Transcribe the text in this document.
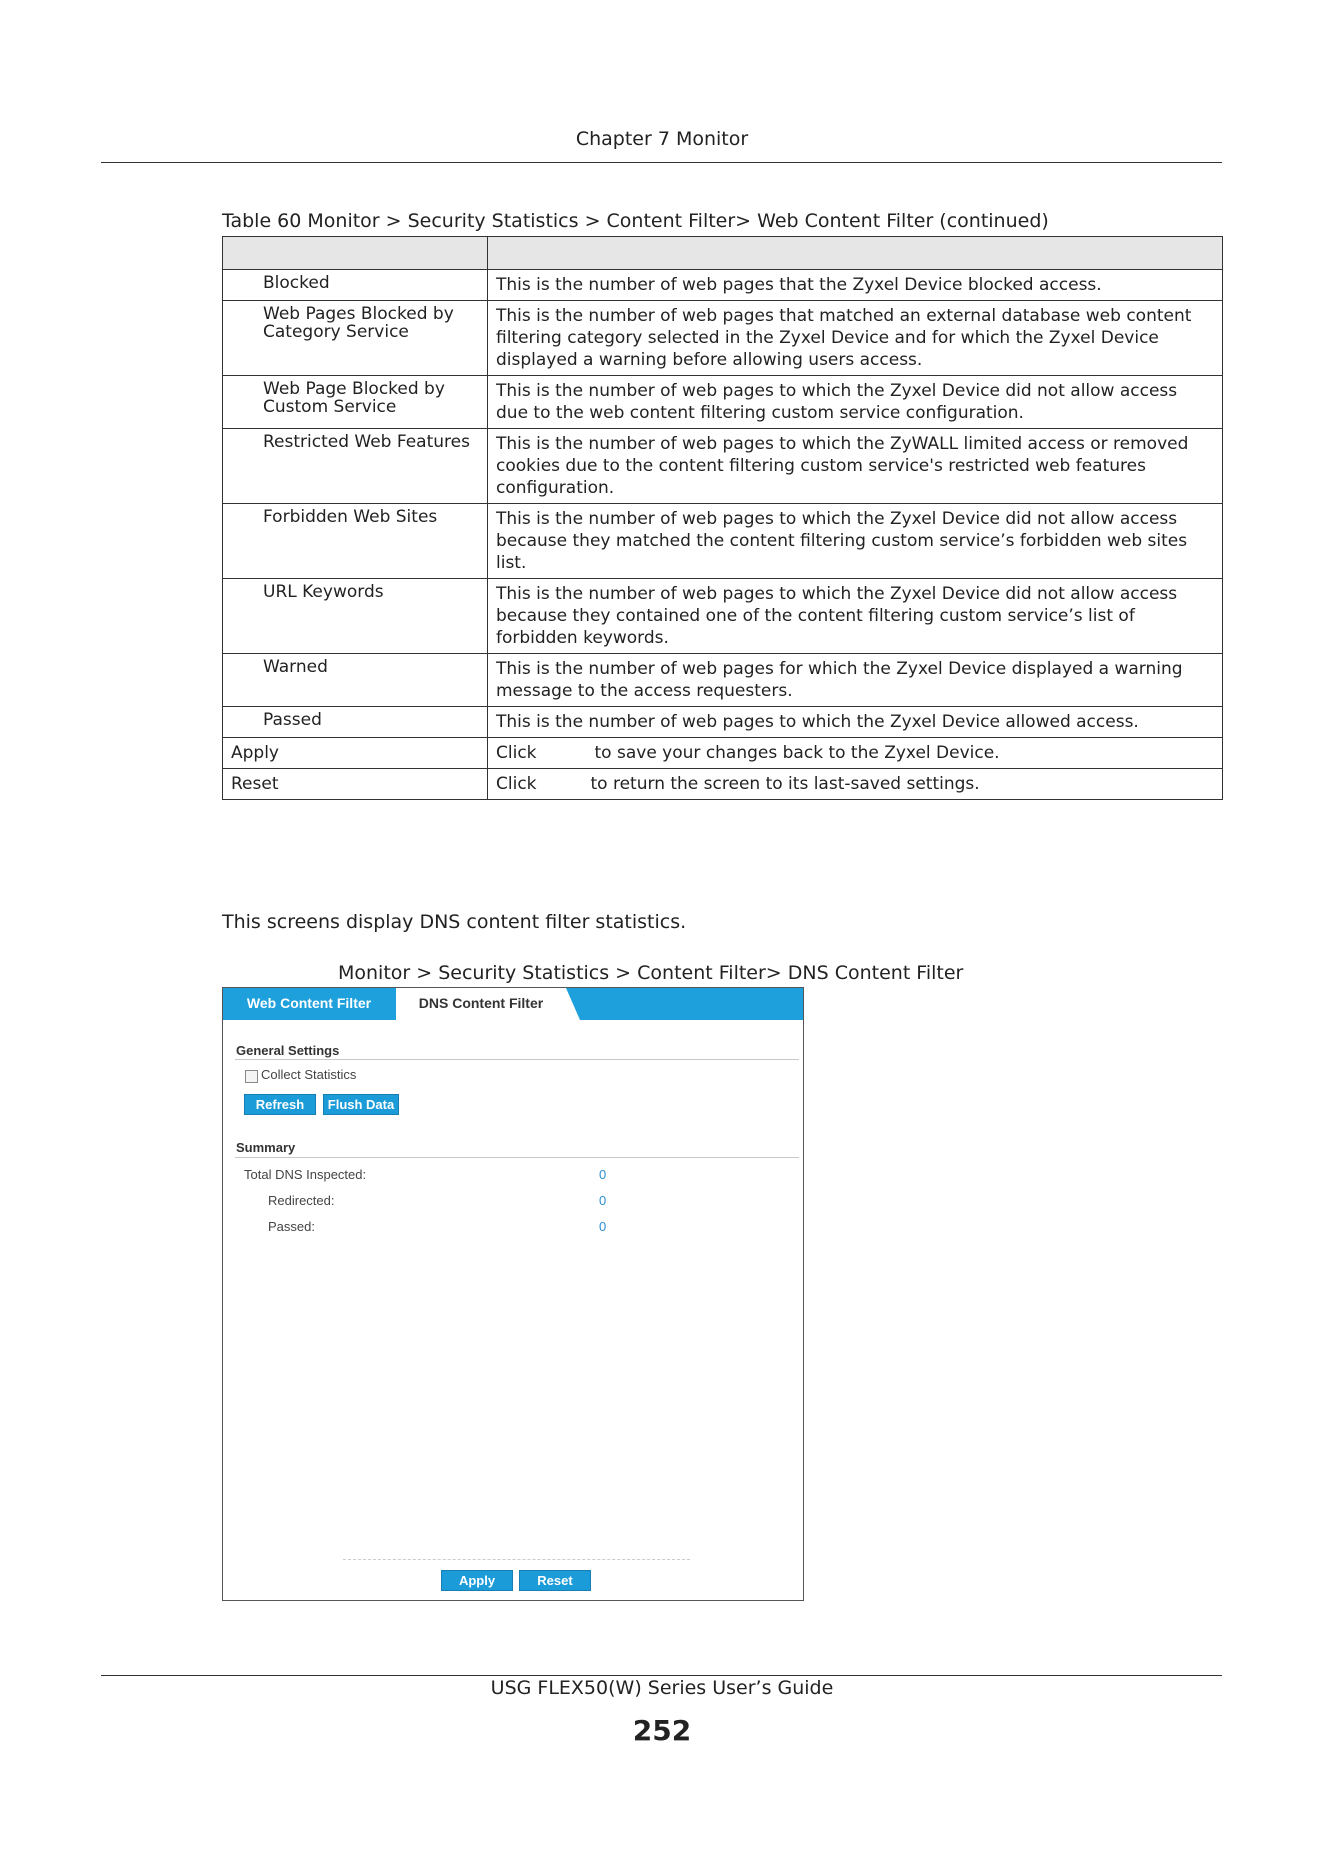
Chapter 7 Monitor
Table 60 Monitor > Security Statistics > Content Filter> Web Content Filter (continued)

Blocked	This is the number of web pages that the Zyxel Device blocked access.
Web Pages Blocked by Category Service	This is the number of web pages that matched an external database web content filtering category selected in the Zyxel Device and for which the Zyxel Device displayed a warning before allowing users access.
Web Page Blocked by Custom Service	This is the number of web pages to which the Zyxel Device did not allow access due to the web content filtering custom service configuration.
Restricted Web Features	This is the number of web pages to which the ZyWALL limited access or removed cookies due to the content filtering custom service's restricted web features configuration.
Forbidden Web Sites	This is the number of web pages to which the Zyxel Device did not allow access because they matched the content filtering custom service’s forbidden web sites list.
URL Keywords	This is the number of web pages to which the Zyxel Device did not allow access because they contained one of the content filtering custom service’s list of forbidden keywords.
Warned	This is the number of web pages for which the Zyxel Device displayed a warning message to the access requesters.
Passed	This is the number of web pages to which the Zyxel Device allowed access.
Apply	Click to save your changes back to the Zyxel Device.
Reset	Click to return the screen to its last-saved settings.
This screens display DNS content filter statistics.
Monitor > Security Statistics > Content Filter> DNS Content Filter
Web Content Filter	DNS Content Filter
General Settings
Collect Statistics
Refresh	Flush Data
Summary
Total DNS Inspected:	0
Redirected:	0
Passed:	0
Apply	Reset
USG FLEX50(W) Series User’s Guide
252
